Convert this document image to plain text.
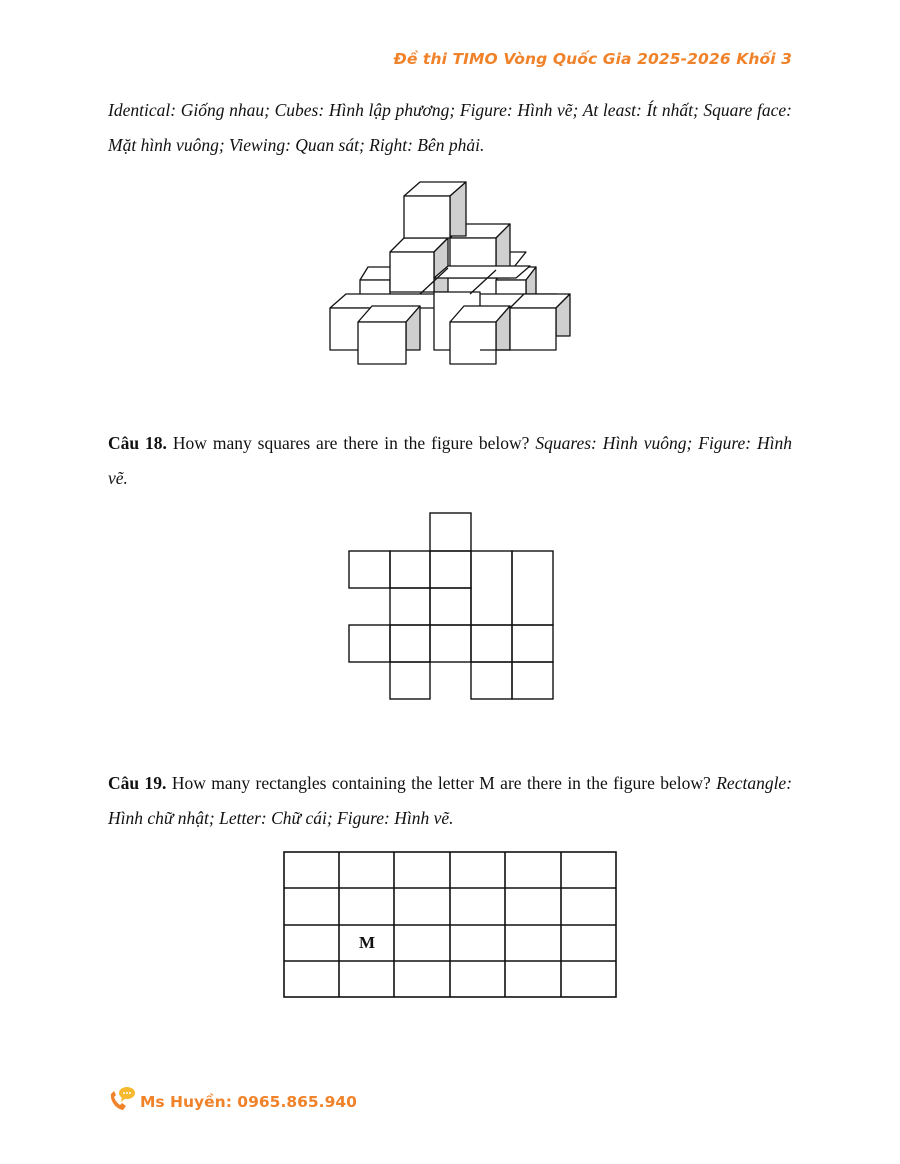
Đề thi TIMO Vòng Quốc Gia 2025-2026 Khối 3

Identical: Giống nhau; Cubes: Hình lập phương; Figure: Hình vẽ; At least: Ít nhất; Square face: Mặt hình vuông; Viewing: Quan sát; Right: Bên phải.

Câu 18. How many squares are there in the figure below? Squares: Hình vuông; Figure: Hình vẽ.

Câu 19. How many rectangles containing the letter M are there in the figure below? Rectangle: Hình chữ nhật; Letter: Chữ cái; Figure: Hình vẽ.

M
Ms Huyền: 0965.865.940
